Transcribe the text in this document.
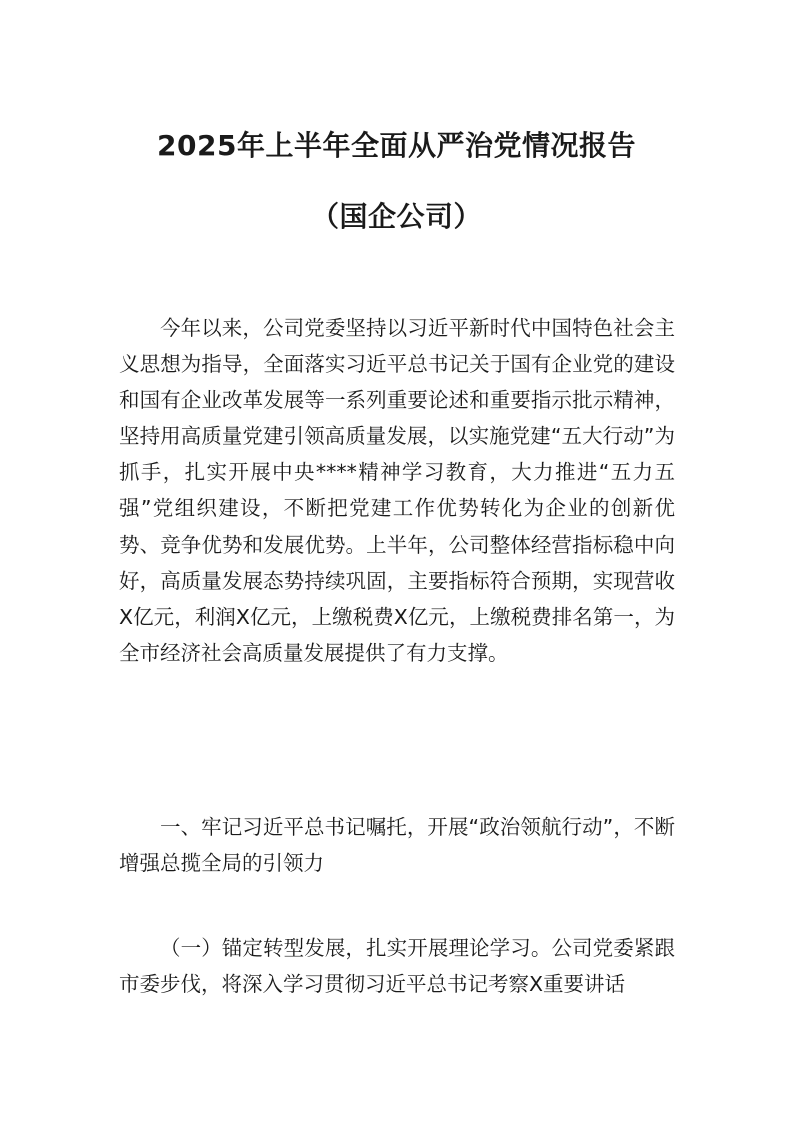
2025年上半年全面从严治党情况报告
（国企公司）

今年以来，公司党委坚持以习近平新时代中国特色社会主义思想为指导，全面落实习近平总书记关于国有企业党的建设和国有企业改革发展等一系列重要论述和重要指示批示精神，坚持用高质量党建引领高质量发展，以实施党建“五大行动”为抓手，扎实开展中央****精神学习教育，大力推进“五力五强”党组织建设，不断把党建工作优势转化为企业的创新优势、竞争优势和发展优势。上半年，公司整体经营指标稳中向好，高质量发展态势持续巩固，主要指标符合预期，实现营收X亿元，利润X亿元，上缴税费X亿元，上缴税费排名第一，为全市经济社会高质量发展提供了有力支撑。

一、牢记习近平总书记嘱托，开展“政治领航行动”，不断增强总揽全局的引领力

（一）锚定转型发展，扎实开展理论学习。公司党委紧跟市委步伐，将深入学习贯彻习近平总书记考察X重要讲话
